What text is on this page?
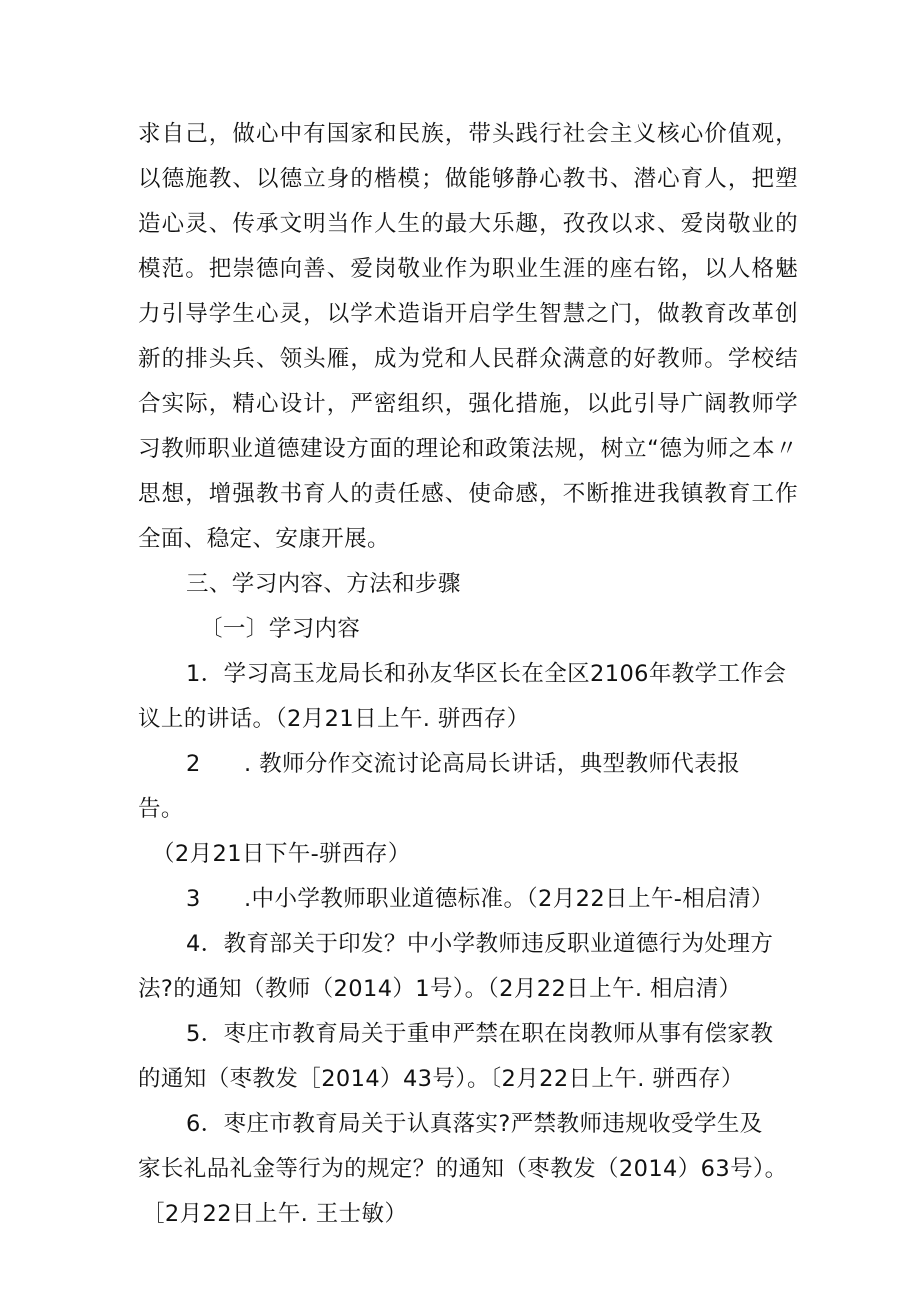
求自己，做心中有国家和民族，带头践行社会主义核心价值观，
以德施教、以德立身的楷模；做能够静心教书、潜心育人，把塑
造心灵、传承文明当作人生的最大乐趣，孜孜以求、爱岗敬业的
模范。把崇德向善、爱岗敬业作为职业生涯的座右铭，以人格魅
力引导学生心灵，以学术造诣开启学生智慧之门，做教育改革创
新的排头兵、领头雁，成为党和人民群众满意的好教师。学校结
合实际，精心设计，严密组织，强化措施，以此引导广阔教师学
习教师职业道德建设方面的理论和政策法规，树立“德为师之本〃
思想，增强教书育人的责任感、使命感，不断推进我镇教育工作
全面、稳定、安康开展。
三、学习内容、方法和步骤
〔一〕学习内容
1．学习高玉龙局长和孙友华区长在全区2106年教学工作会
议上的讲话。（2月21日上午. 骈西存）
2	. 教师分作交流讨论高局长讲话，典型教师代表报
告。
（2月21日下午-骈西存）
3	.中小学教师职业道德标准。（2月22日上午-相启清）
4．教育部关于印发？中小学教师违反职业道德行为处理方
法?的通知（教师（2014）1号）。（2月22日上午. 相启清）
5．枣庄市教育局关于重申严禁在职在岗教师从事有偿家教
的通知（枣教发［2014）43号）。〔2月22日上午. 骈西存）
6．枣庄市教育局关于认真落实?严禁教师违规收受学生及
家长礼品礼金等行为的规定？的通知（枣教发（2014）63号）。
［2月22日上午. 王士敏）
